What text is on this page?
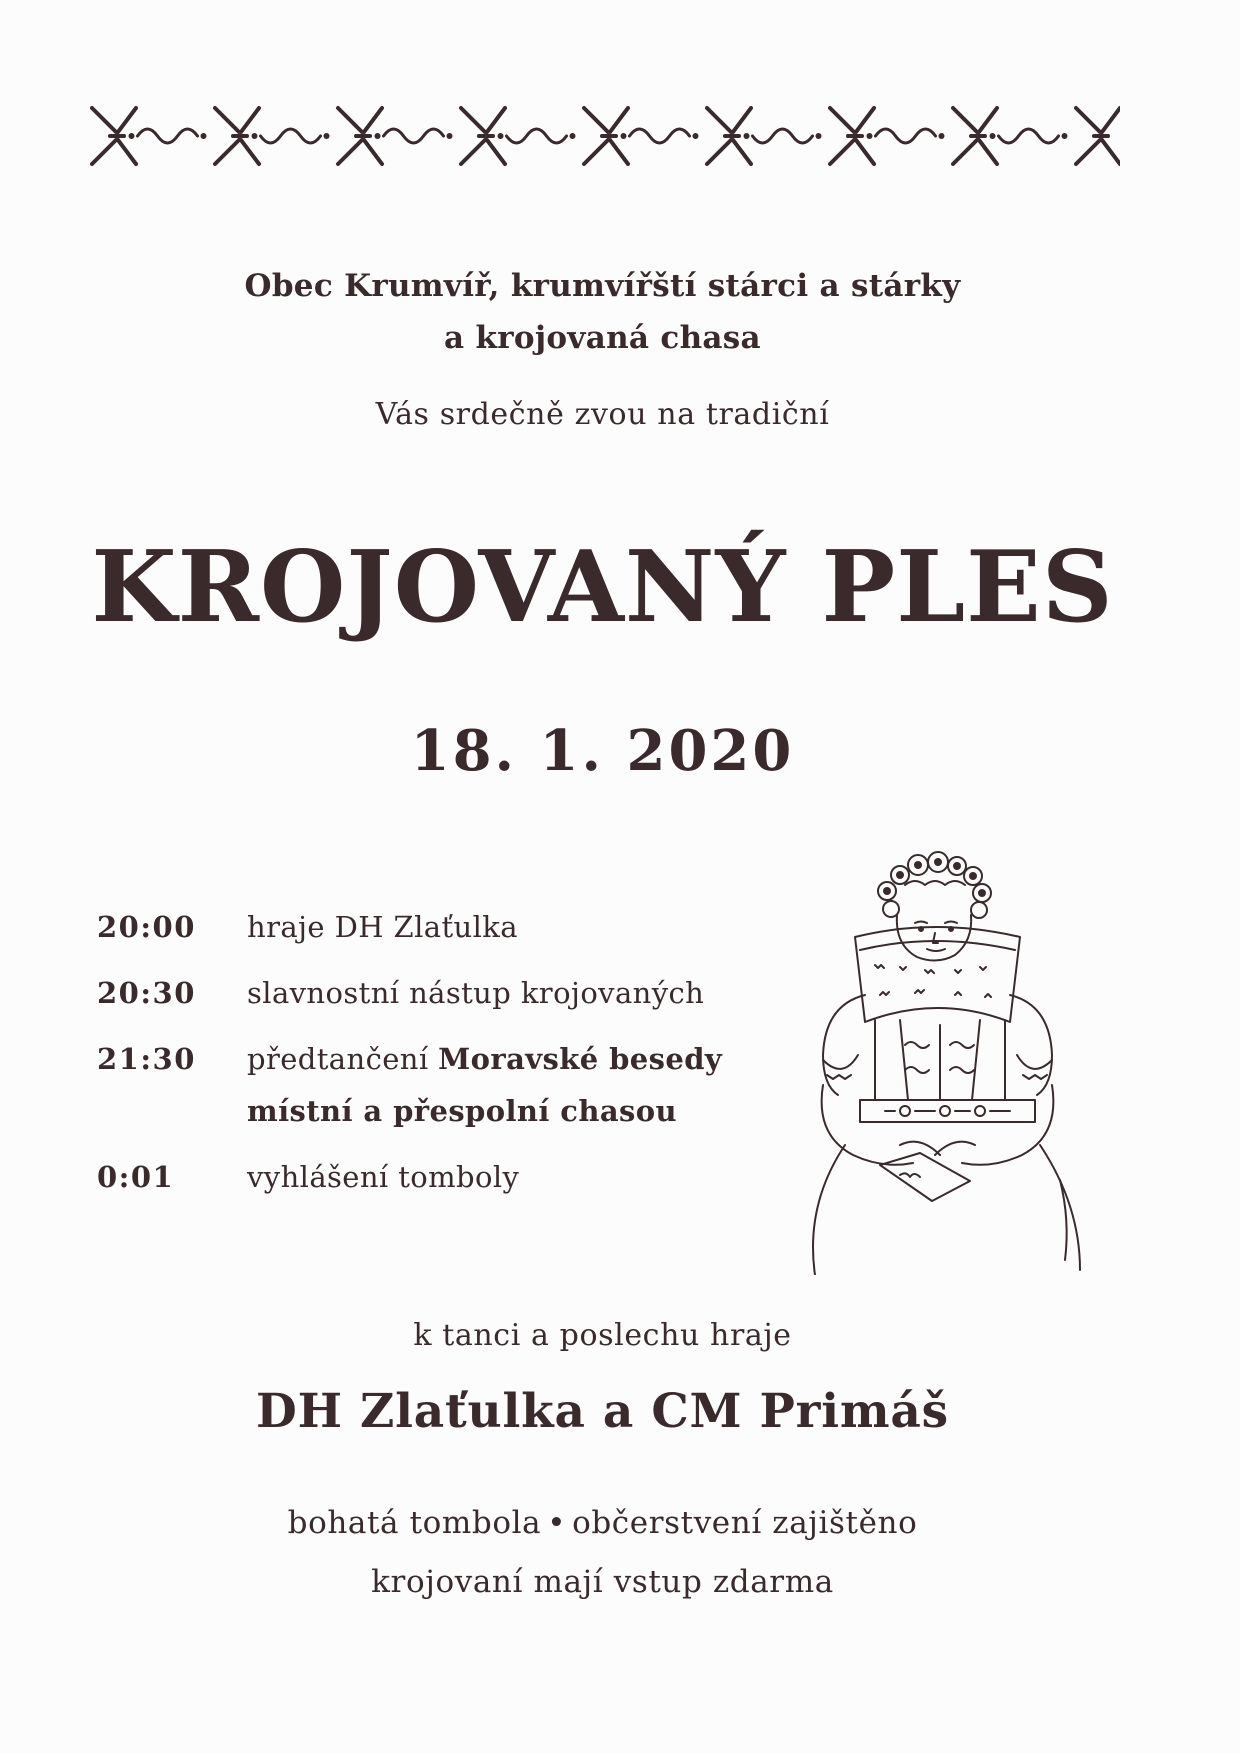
Obec Krumvíř, krumvířští stárci a stárky
a krojovaná chasa
Vás srdečně zvou na tradiční
KROJOVANÝ PLES
18. 1. 2020
20:00	hraje DH Zlaťulka
20:30	slavnostní nástup krojovaných
21:30	předtančení Moravské besedy
místní a přespolní chasou
0:01	vyhlášení tomboly
k tanci a poslechu hraje
DH Zlaťulka a CM Primáš
bohatá tombola • občerstvení zajištěno
krojovaní mají vstup zdarma
